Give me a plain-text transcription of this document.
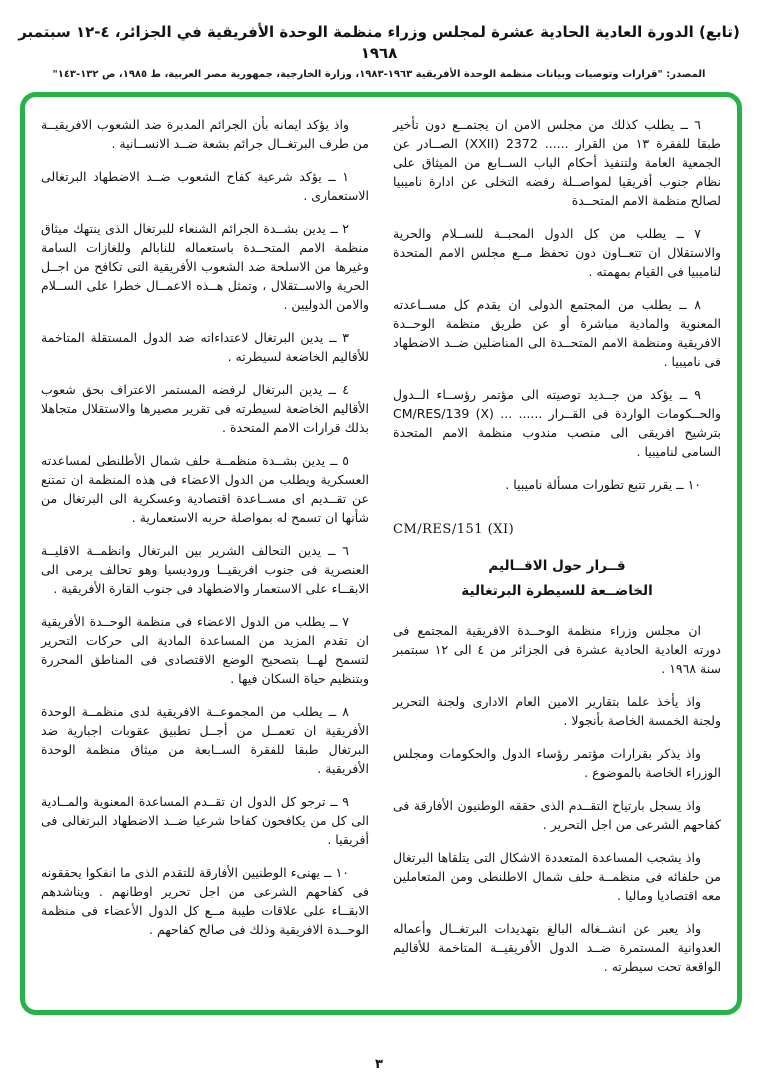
(تابع) الدورة العادية الحادية عشرة لمجلس وزراء منظمة الوحدة الأفريقية في الجزائر، ٤-١٢ سبتمبر ١٩٦٨
المصدر: "قرارات وتوصيات وبيانات منظمة الوحدة الأفريقية ١٩٦٣-١٩٨٣، وزارة الخارجية، جمهورية مصر العربية، ط ١٩٨٥، ص ١٣٢-١٤٣"

٦ ــ يطلب كذلك من مجلس الامن ان يجتمــع دون تأخير طبقا للفقرة ١٣ من القرار ...... 2372 (XXII) الصــادر عن الجمعية العامة ولتنفيذ أحكام الباب الســابع من الميثاق على نظام جنوب أفريقيا لمواصــلة رفضه التخلى عن ادارة ناميبيا لصالح منظمة الامم المتحــدة

٧ ــ يطلب من كل الدول المحبــة للســلام والحرية والاستقلال ان تتعــاون دون تحفظ مــع مجلس الامم المتحدة لناميبيا فى القيام بمهمته .

٨ ــ يطلب من المجتمع الدولى ان يقدم كل مســاعدته المعنوية والمادية مباشرة أو عن طريق منظمة الوحــدة الافريقية ومنظمة الامم المتحــدة الى المناضلين ضــد الاضطهاد فى ناميبيا .

٩ ــ يؤكد من جــديد توصيته الى مؤتمر رؤســاء الــدول والحــكومات الواردة فى القــرار ...... ... CM/RES/139 (X) بترشيح افريقى الى منصب مندوب منظمة الامم المتحدة السامى لناميبيا .

١٠ ــ يقرر تتبع تطورات مسألة ناميبيا .

CM/RES/151 (XI)
قــرار حول الاقــاليم
الخاضــعة للسيطرة البرتغالية

ان مجلس وزراء منظمة الوحــدة الافريقية المجتمع فى دورته العادية الحادية عشرة فى الجزائر من ٤ الى ١٢ سبتمبر سنة ١٩٦٨ .

واذ يأخذ علما بتقارير الامين العام الادارى ولجنة التحرير ولجنة الخمسة الخاصة بأنجولا .

واذ يذكر بقرارات مؤتمر رؤساء الدول والحكومات ومجلس الوزراء الخاصة بالموضوع .

واذ يسجل بارتياح التقــدم الذى حققه الوطنيون الأفارقة فى كفاحهم الشرعى من اجل التحرير .

واذ يشجب المساعدة المتعددة الاشكال التى يتلقاها البرتغال من حلفائه فى منظمــة حلف شمال الاطلنطى ومن المتعاملين معه اقتصاديا وماليا .

واذ يعبر عن انشــغاله البالغ بتهديدات البرتغــال وأعماله العدوانية المستمرة ضــد الدول الأفريقيــة المتاخمة للأقاليم الواقعة تحت سيطرته .

واذ يؤكد ايمانه بأن الجرائم المدبرة ضد الشعوب الافريقيــة من طرف البرتغــال جرائم بشعة ضــد الانســانية .

١ ــ يؤكد شرعية كفاح الشعوب ضــد الاضطهاد البرتغالى الاستعمارى .

٢ ــ يدين بشــدة الجرائم الشنعاء للبرتغال الذى ينتهك ميثاق منظمة الامم المتحــدة باستعماله للنابالم وللغازات السامة وغيرها من الاسلحة ضد الشعوب الأفريقية التى تكافح من اجــل الحرية والاســتقلال ، وتمثل هــذه الاعمــال خطرا على الســلام والامن الدوليين .

٣ ــ يدين البرتغال لاعتداءاته ضد الدول المستقلة المتاخمة للأقاليم الخاضعة لسيطرته .

٤ ــ يدين البرتغال لرفضه المستمر الاعتراف بحق شعوب الأقاليم الخاضعة لسيطرته فى تقرير مصيرها والاستقلال متجاهلا بذلك قرارات الامم المتحدة .

٥ ــ يدين بشــدة منظمــة حلف شمال الأطلنطى لمساعدته العسكرية ويطلب من الدول الاعضاء فى هذه المنظمة ان تمتنع عن تقــديم اى مســاعدة اقتصادية وعسكرية الى البرتغال من شأنها ان تسمح له بمواصلة حربه الاستعمارية .

٦ ــ يدين التحالف الشرير بين البرتغال وانظمــة الاقليــة العنصرية فى جنوب افريقيــا وروديسيا وهو تحالف يرمى الى الابقــاء على الاستعمار والاضطهاد فى جنوب القارة الأفريقية .

٧ ــ يطلب من الدول الاعضاء فى منظمة الوحــدة الأفريقية ان تقدم المزيد من المساعدة المادية الى حركات التحرير لتسمح لهــا بتصحيح الوضع الاقتصادى فى المناطق المحررة وبتنظيم حياة السكان فيها .

٨ ــ يطلب من المجموعــة الافريقية لدى منظمــة الوحدة الأفريقية ان تعمــل من أجــل تطبيق عقوبات اجبارية ضد البرتغال طبقا للفقرة الســابعة من ميثاق منظمة الوحدة الأفريقية .

٩ ــ ترجو كل الدول ان تقــدم المساعدة المعنوية والمــادية الى كل من يكافحون كفاحا شرعيا ضــد الاضطهاد البرتغالى فى أفريقيا .

١٠ ــ يهنىء الوطنيين الأفارقة للتقدم الذى ما انفكوا يحققونه فى كفاحهم الشرعى من اجل تحرير اوطانهم . ويناشدهم الابقــاء على علاقات طيبة مــع كل الدول الأعضاء فى منظمة الوحــدة الافريقية وذلك فى صالح كفاحهم .

٣
